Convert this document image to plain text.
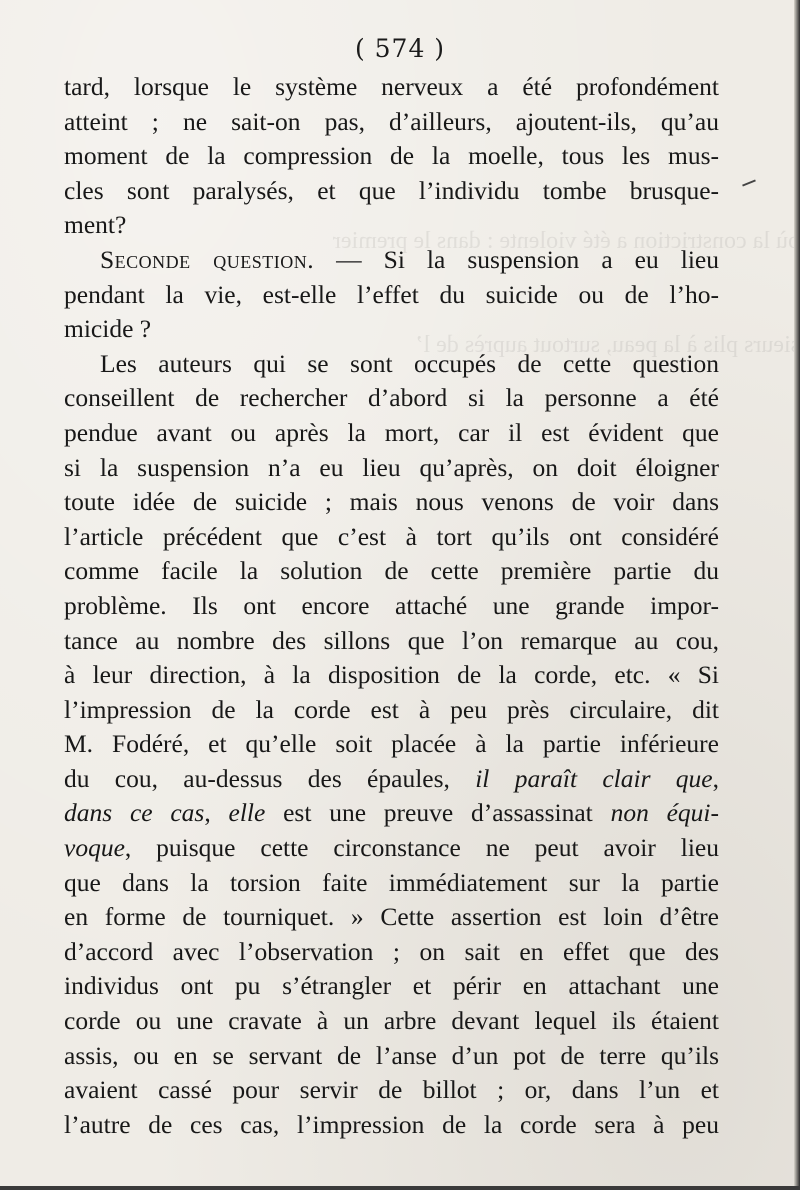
où la constriction a été violente : dans le premier
sieurs plis à la peau, surtout auprès de l’
( 574 )
tard, lorsque le système nerveux a été profondément
atteint ; ne sait-on pas, d’ailleurs, ajoutent-ils, qu’au
moment de la compression de la moelle, tous les mus-
cles sont paralysés, et que l’individu tombe brusque-
ment?
Seconde question. — Si la suspension a eu lieu
pendant la vie, est-elle l’effet du suicide ou de l’ho-
micide ?
Les auteurs qui se sont occupés de cette question
conseillent de rechercher d’abord si la personne a été
pendue avant ou après la mort, car il est évident que
si la suspension n’a eu lieu qu’après, on doit éloigner
toute idée de suicide ; mais nous venons de voir dans
l’article précédent que c’est à tort qu’ils ont considéré
comme facile la solution de cette première partie du
problème. Ils ont encore attaché une grande impor-
tance au nombre des sillons que l’on remarque au cou,
à leur direction, à la disposition de la corde, etc. « Si
l’impression de la corde est à peu près circulaire, dit
M. Fodéré, et qu’elle soit placée à la partie inférieure
du cou, au-dessus des épaules, il paraît clair que,
dans ce cas, elle est une preuve d’assassinat non équi-
voque, puisque cette circonstance ne peut avoir lieu
que dans la torsion faite immédiatement sur la partie
en forme de tourniquet. » Cette assertion est loin d’être
d’accord avec l’observation ; on sait en effet que des
individus ont pu s’étrangler et périr en attachant une
corde ou une cravate à un arbre devant lequel ils étaient
assis, ou en se servant de l’anse d’un pot de terre qu’ils
avaient cassé pour servir de billot ; or, dans l’un et
l’autre de ces cas, l’impression de la corde sera à peu
